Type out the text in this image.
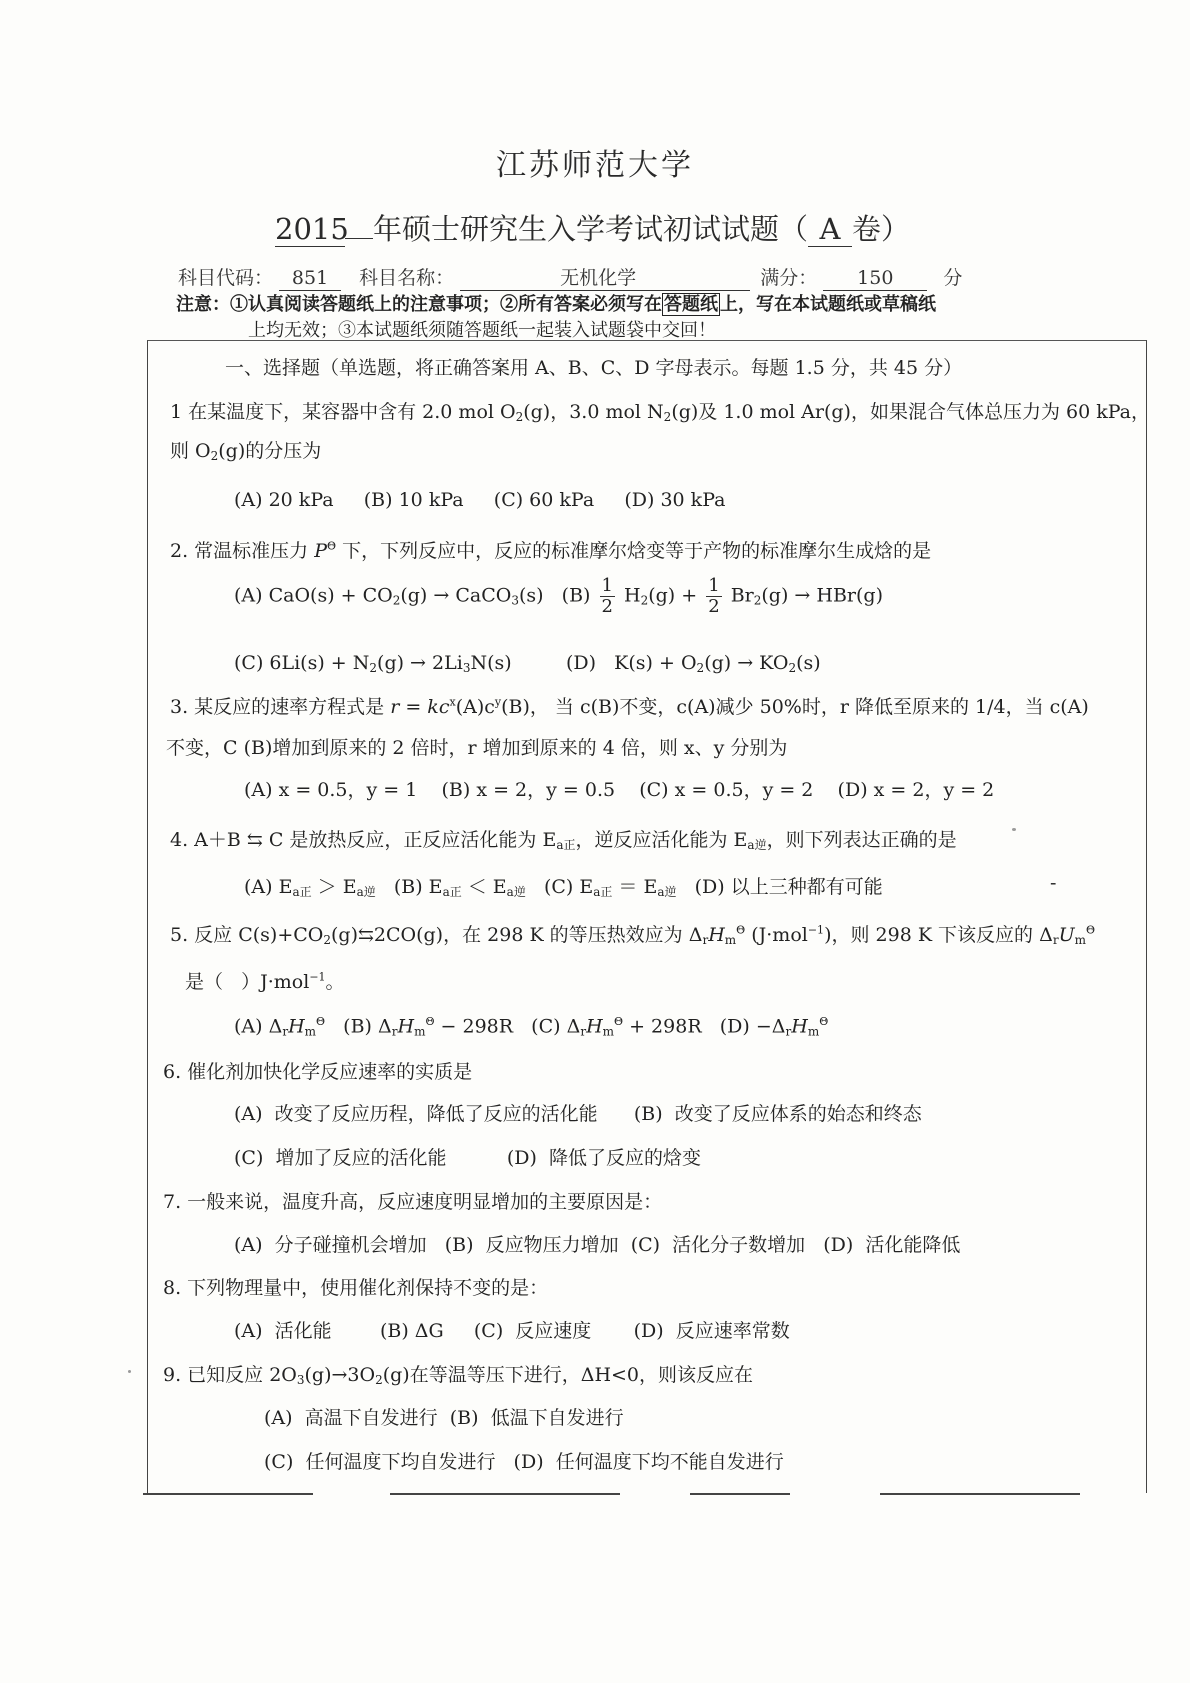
江苏师范大学
2015 年硕士研究生入学考试初试试题（ A 卷）
科目代码： 851 科目名称：	无机化学	满分： 150	分
注意：①认真阅读答题纸上的注意事项；②所有答案必须写在 答题纸 上，写在本试题纸或草稿纸
上均无效；③本试题纸须随答题纸一起装入试题袋中交回！
一、选择题（单选题，将正确答案用 A、B、C、D 字母表示。每题 1.5 分，共 45 分）
1 在某温度下，某容器中含有 2.0 mol $O_2(g)$，3.0 mol $N_2(g)$及 1.0 mol Ar(g)，如果混合气体总压力为 60 kPa，
则 $O_2(g)$的分压为
(A) 20 kPa     (B) 10 kPa     (C) 60 kPa     (D) 30 kPa
2. 常温标准压力 $P^\Theta$ 下，下列反应中，反应的标准摩尔焓变等于产物的标准摩尔生成焓的是
(A) $CaO(s) + CO_2(g)$ → CaCO$_3$(s)   $(B) \frac{1}{2} H_2(g) + \frac{1}{2} Br_2(g) \to HBr(g)$
(C) $6Li(s) + N_2(g) \to 2Li_3N(s)$         (D)   $K(s) + O_2(g) \to KO_2(s)$
3. 某反应的速率方程式是 $r = kc^x(A)c^y(B)$， 当 c(B)不变，c(A)减少 50%时，r 降低至原来的 1/4，当 c(A)
不变，C (B)增加到原来的 2 倍时，r 增加到原来的 4 倍，则 x、y 分别为
(A) x = 0.5，y = 1    (B) x = 2，y = 0.5    (C) x = 0.5，y = 2    (D) x = 2，y = 2
4. A＋B ⇆ C 是放热反应，正反应活化能为 $E_{a正}$，逆反应活化能为 $E_{a逆}$，则下列表达正确的是
(A) $E_{a正} > E_{a逆}$   (B) $E_{a正} < E_{a逆}$   (C) $E_{a正} = E_{a逆}$   (D) 以上三种都有可能	-
5. 反应 $C(s)+CO_2(g)⇆2CO(g)$，在 298 K 的等压热效应为 $\Delta_rH_m^\Theta$ (J·mol$^{-1}$)，则 298 K 下该反应的 $\Delta_rU_m^\Theta$
是（   ）J·mol$^{-1}$。
(A) $\Delta_rH_m^\Theta$   (B) $\Delta_rH_m^\Theta - 298R$   (C) $\Delta_rH_m^\Theta + 298R$   $(D) -\Delta_rH_m^\Theta$
6. 催化剂加快化学反应速率的实质是
(A)  改变了反应历程，降低了反应的活化能      (B)  改变了反应体系的始态和终态
(C)  增加了反应的活化能          (D)  降低了反应的焓变
7. 一般来说，温度升高，反应速度明显增加的主要原因是：
(A)  分子碰撞机会增加   (B)  反应物压力增加  (C)  活化分子数增加   (D)  活化能降低
8. 下列物理量中，使用催化剂保持不变的是：
(A)  活化能        (B) ΔG     (C)  反应速度       (D)  反应速率常数
9. 已知反应 $2O_3(g)\to 3O_2(g)$在等温等压下进行，ΔH<0，则该反应在
(A)  高温下自发进行  (B)  低温下自发进行
(C)  任何温度下均自发进行   (D)  任何温度下均不能自发进行
